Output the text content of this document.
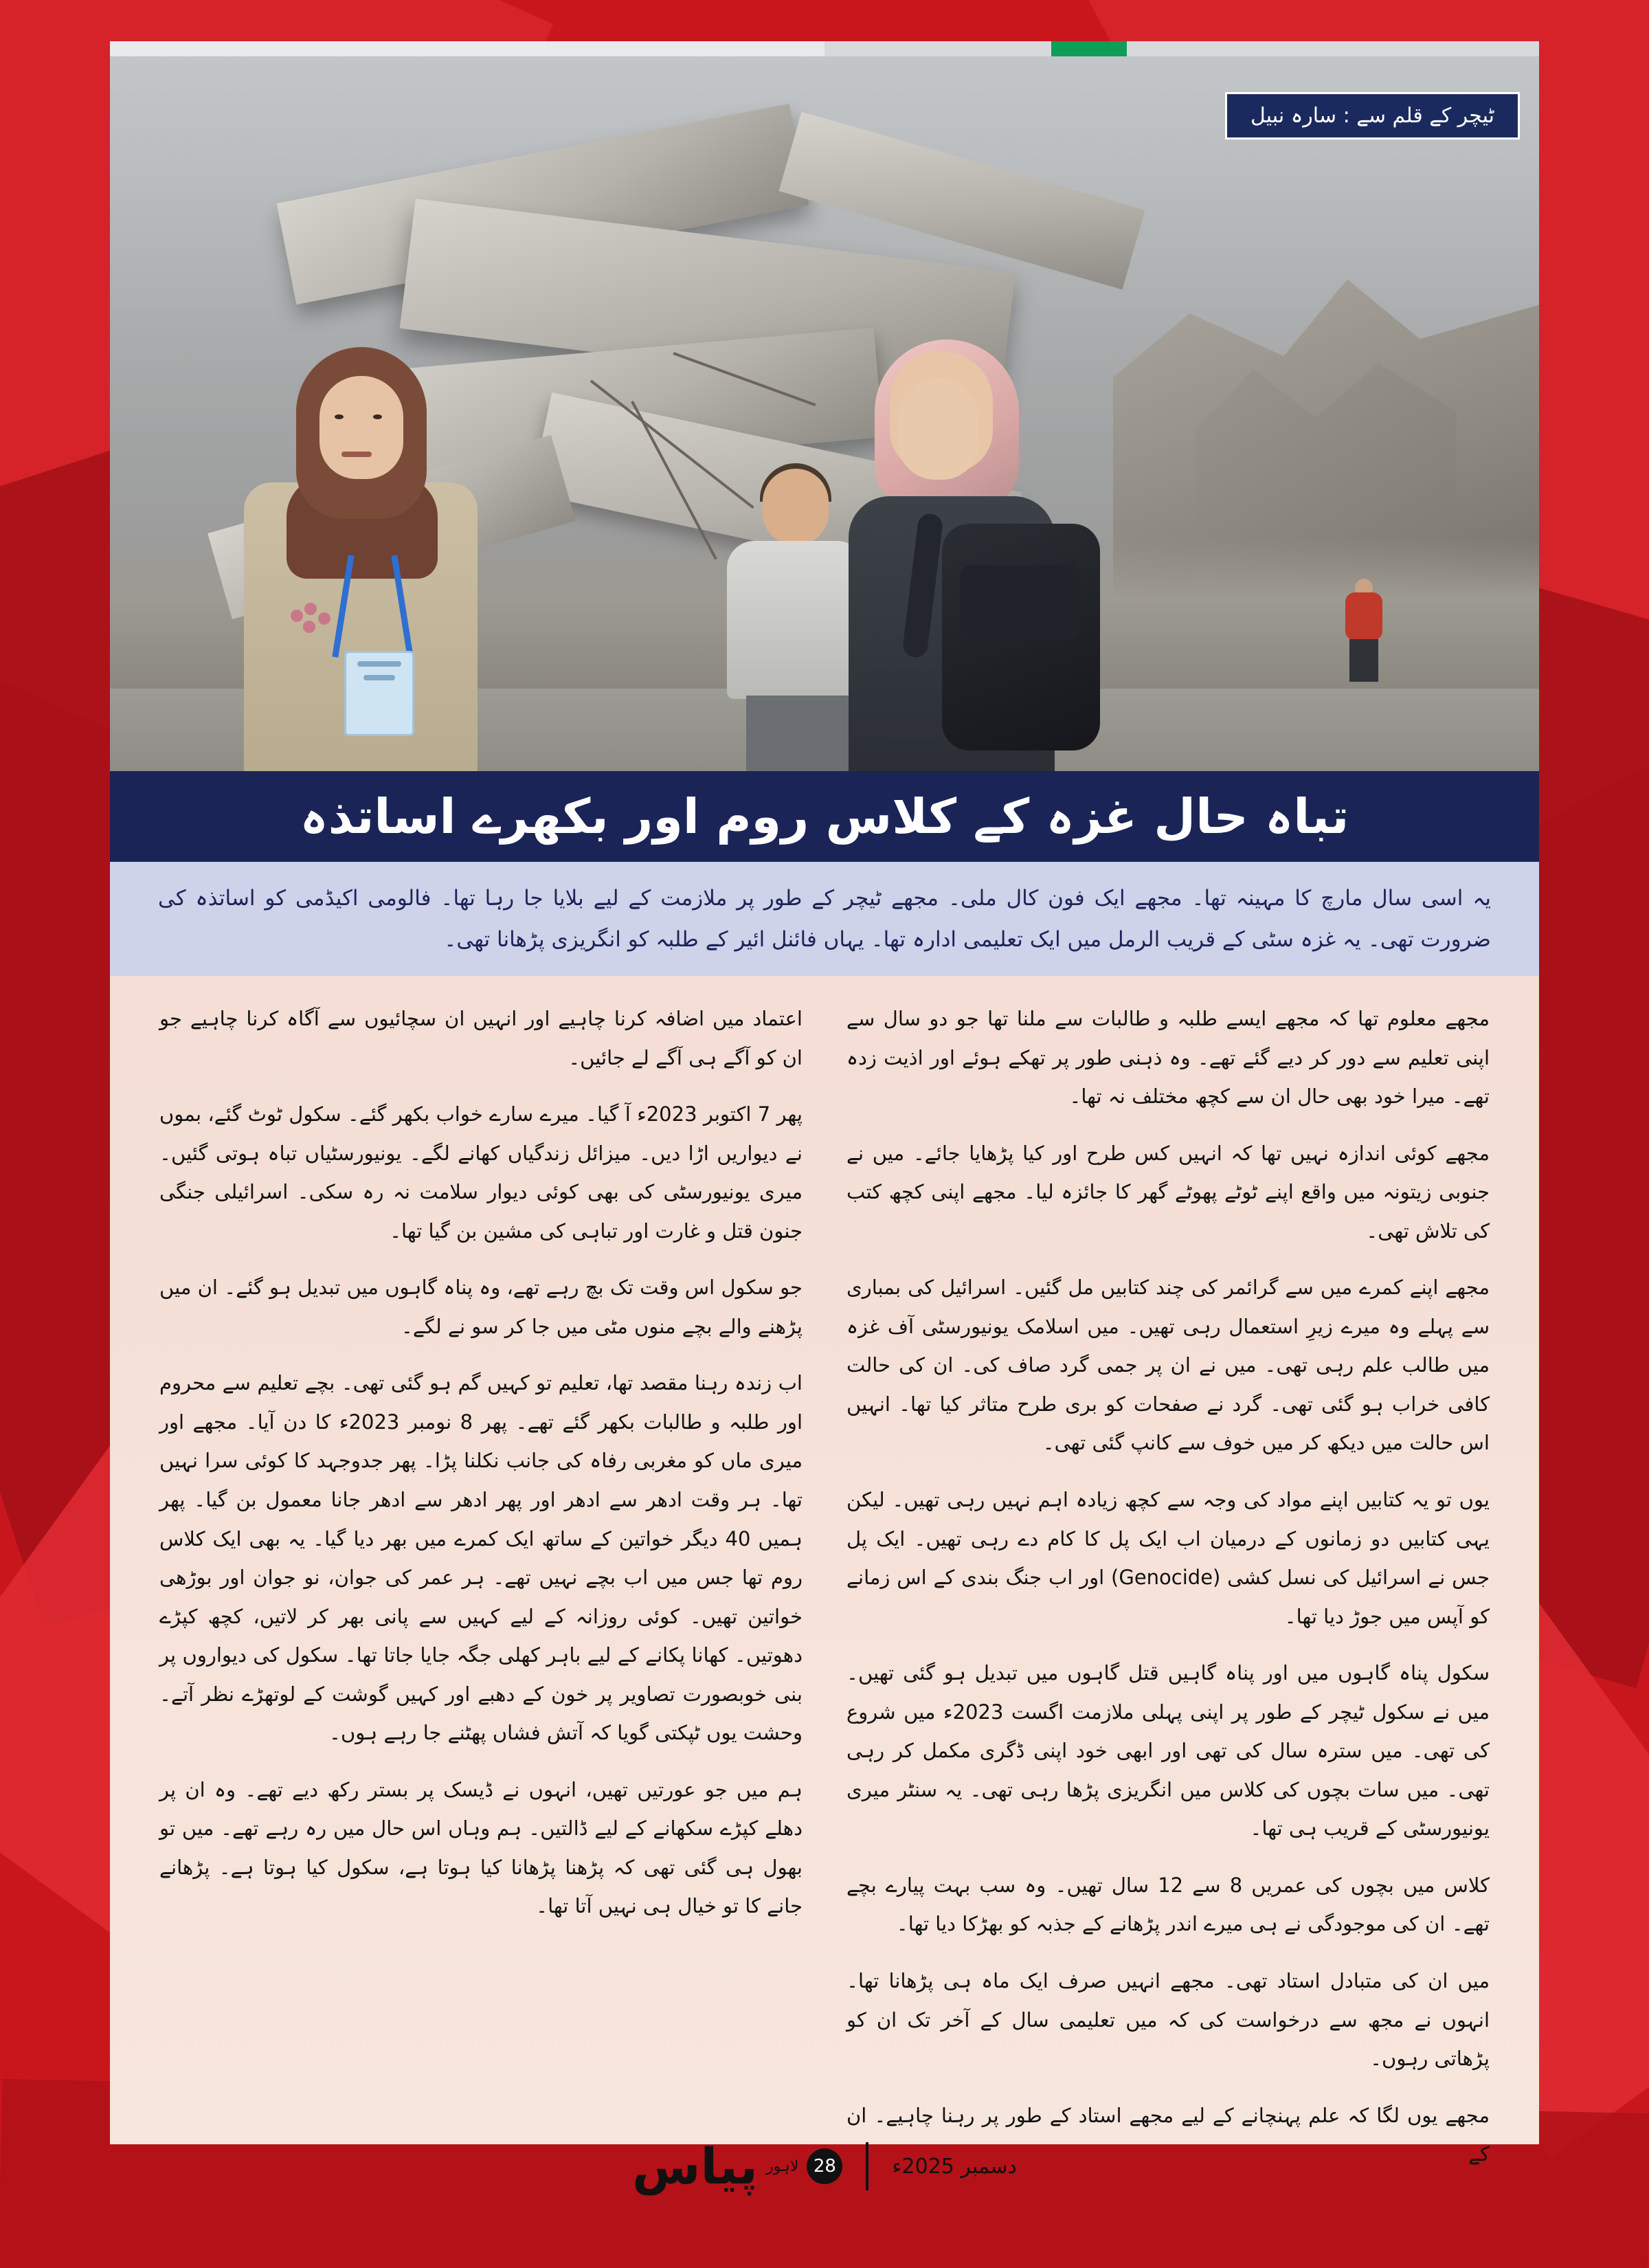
ٹیچر کے قلم سے : سارہ نبیل
تباہ حال غزہ کے کلاس روم اور بکھرے اساتذہ

یہ اسی سال مارچ کا مہینہ تھا۔ مجھے ایک فون کال ملی۔ مجھے ٹیچر کے طور پر ملازمت کے لیے بلایا جا رہا تھا۔ فالومی اکیڈمی کو اساتذہ کی ضرورت تھی۔ یہ غزہ سٹی کے قریب الرمل میں ایک تعلیمی ادارہ تھا۔ یہاں فائنل ائیر کے طلبہ کو انگریزی پڑھانا تھی۔

مجھے معلوم تھا کہ مجھے ایسے طلبہ و طالبات سے ملنا تھا جو دو سال سے اپنی تعلیم سے دور کر دیے گئے تھے۔ وہ ذہنی طور پر تھکے ہوئے اور اذیت زدہ تھے۔ میرا خود بھی حال ان سے کچھ مختلف نہ تھا۔

مجھے کوئی اندازہ نہیں تھا کہ انہیں کس طرح اور کیا پڑھایا جائے۔ میں نے جنوبی زیتونہ میں واقع اپنے ٹوٹے پھوٹے گھر کا جائزہ لیا۔ مجھے اپنی کچھ کتب کی تلاش تھی۔

مجھے اپنے کمرے میں سے گرائمر کی چند کتابیں مل گئیں۔ اسرائیل کی بمباری سے پہلے وہ میرے زیرِ استعمال رہی تھیں۔ میں اسلامک یونیورسٹی آف غزہ میں طالب علم رہی تھی۔ میں نے ان پر جمی گرد صاف کی۔ ان کی حالت کافی خراب ہو گئی تھی۔ گرد نے صفحات کو بری طرح متاثر کیا تھا۔ انہیں اس حالت میں دیکھ کر میں خوف سے کانپ گئی تھی۔

یوں تو یہ کتابیں اپنے مواد کی وجہ سے کچھ زیادہ اہم نہیں رہی تھیں۔ لیکن یہی کتابیں دو زمانوں کے درمیان اب ایک پل کا کام دے رہی تھیں۔ ایک پل جس نے اسرائیل کی نسل کشی (Genocide) اور اب جنگ بندی کے اس زمانے کو آپس میں جوڑ دیا تھا۔

سکول پناہ گاہوں میں اور پناہ گاہیں قتل گاہوں میں تبدیل ہو گئی تھیں۔ میں نے سکول ٹیچر کے طور پر اپنی پہلی ملازمت اگست 2023ء میں شروع کی تھی۔ میں سترہ سال کی تھی اور ابھی خود اپنی ڈگری مکمل کر رہی تھی۔ میں سات بچوں کی کلاس میں انگریزی پڑھا رہی تھی۔ یہ سنٹر میری یونیورسٹی کے قریب ہی تھا۔

کلاس میں بچوں کی عمریں 8 سے 12 سال تھیں۔ وہ سب بہت پیارے بچے تھے۔ ان کی موجودگی نے ہی میرے اندر پڑھانے کے جذبہ کو بھڑکا دیا تھا۔

میں ان کی متبادل استاد تھی۔ مجھے انہیں صرف ایک ماہ ہی پڑھانا تھا۔ انہوں نے مجھ سے درخواست کی کہ میں تعلیمی سال کے آخر تک ان کو پڑھاتی رہوں۔

مجھے یوں لگا کہ علم پہنچانے کے لیے مجھے استاد کے طور پر رہنا چاہیے۔ ان کے

اعتماد میں اضافہ کرنا چاہیے اور انہیں ان سچائیوں سے آگاہ کرنا چاہیے جو ان کو آگے ہی آگے لے جائیں۔

پھر 7 اکتوبر 2023ء آ گیا۔ میرے سارے خواب بکھر گئے۔ سکول ٹوٹ گئے، بموں نے دیواریں اڑا دیں۔ میزائل زندگیاں کھانے لگے۔ یونیورسٹیاں تباہ ہوتی گئیں۔ میری یونیورسٹی کی بھی کوئی دیوار سلامت نہ رہ سکی۔ اسرائیلی جنگی جنون قتل و غارت اور تباہی کی مشین بن گیا تھا۔

جو سکول اس وقت تک بچ رہے تھے، وہ پناہ گاہوں میں تبدیل ہو گئے۔ ان میں پڑھنے والے بچے منوں مٹی میں جا کر سو نے لگے۔

اب زندہ رہنا مقصد تھا، تعلیم تو کہیں گم ہو گئی تھی۔ بچے تعلیم سے محروم اور طلبہ و طالبات بکھر گئے تھے۔ پھر 8 نومبر 2023ء کا دن آیا۔ مجھے اور میری ماں کو مغربی رفاہ کی جانب نکلنا پڑا۔ پھر جدوجہد کا کوئی سرا نہیں تھا۔ ہر وقت ادھر سے ادھر اور پھر ادھر سے ادھر جانا معمول بن گیا۔ پھر ہمیں 40 دیگر خواتین کے ساتھ ایک کمرے میں بھر دیا گیا۔ یہ بھی ایک کلاس روم تھا جس میں اب بچے نہیں تھے۔ ہر عمر کی جوان، نو جوان اور بوڑھی خواتین تھیں۔ کوئی روزانہ کے لیے کہیں سے پانی بھر کر لاتیں، کچھ کپڑے دھوتیں۔ کھانا پکانے کے لیے باہر کھلی جگہ جایا جاتا تھا۔ سکول کی دیواروں پر بنی خوبصورت تصاویر پر خون کے دھبے اور کہیں گوشت کے لوتھڑے نظر آتے۔ وحشت یوں ٹپکتی گویا کہ آتش فشاں پھٹنے جا رہے ہوں۔

ہم میں جو عورتیں تھیں، انہوں نے ڈیسک پر بستر رکھ دیے تھے۔ وہ ان پر دھلے کپڑے سکھانے کے لیے ڈالتیں۔ ہم وہاں اس حال میں رہ رہے تھے۔ میں تو بھول ہی گئی تھی کہ پڑھنا پڑھانا کیا ہوتا ہے، سکول کیا ہوتا ہے۔ پڑھانے جانے کا تو خیال ہی نہیں آتا تھا۔

دسمبر 2025ء
28
لاہور
پیاس
